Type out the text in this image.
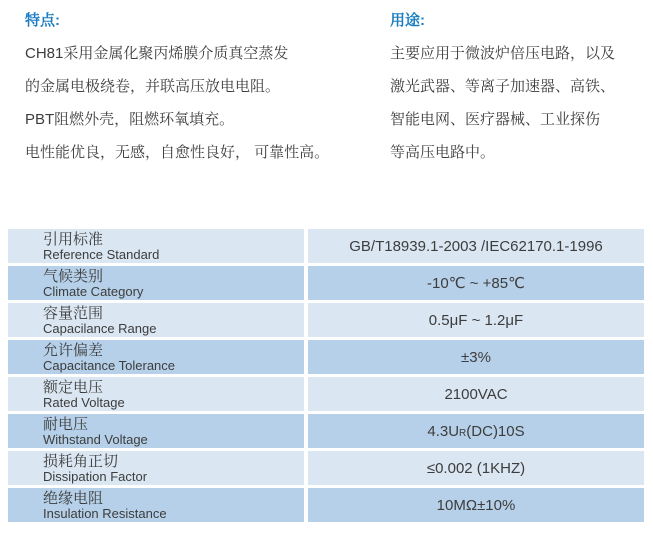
特点:
CH81采用金属化聚丙烯膜介质真空蒸发
的金属电极绕卷，并联高压放电电阻。
PBT阻燃外壳，阻燃环氧填充。
电性能优良，无感，自愈性良好， 可靠性高。
用途:
主要应用于微波炉倍压电路，以及
激光武器、等离子加速器、高铁、
智能电网、医疗器械、工业探伤
等高压电路中。
引用标准
Reference Standard	GB/T18939.1-2003 /IEC62170.1-1996
气候类别
Climate Category	-10℃ ~ +85℃
容量范围
Capacilance Range	0.5μF ~ 1.2μF
允许偏差
Capacitance Tolerance	±3%
额定电压
Rated Voltage	2100VAC
耐电压
Withstand Voltage	4.3U R (DC)10S
损耗角正切
Dissipation Factor	≤0.002 (1KHZ)
绝缘电阻
Insulation Resistance	10MΩ±10%
